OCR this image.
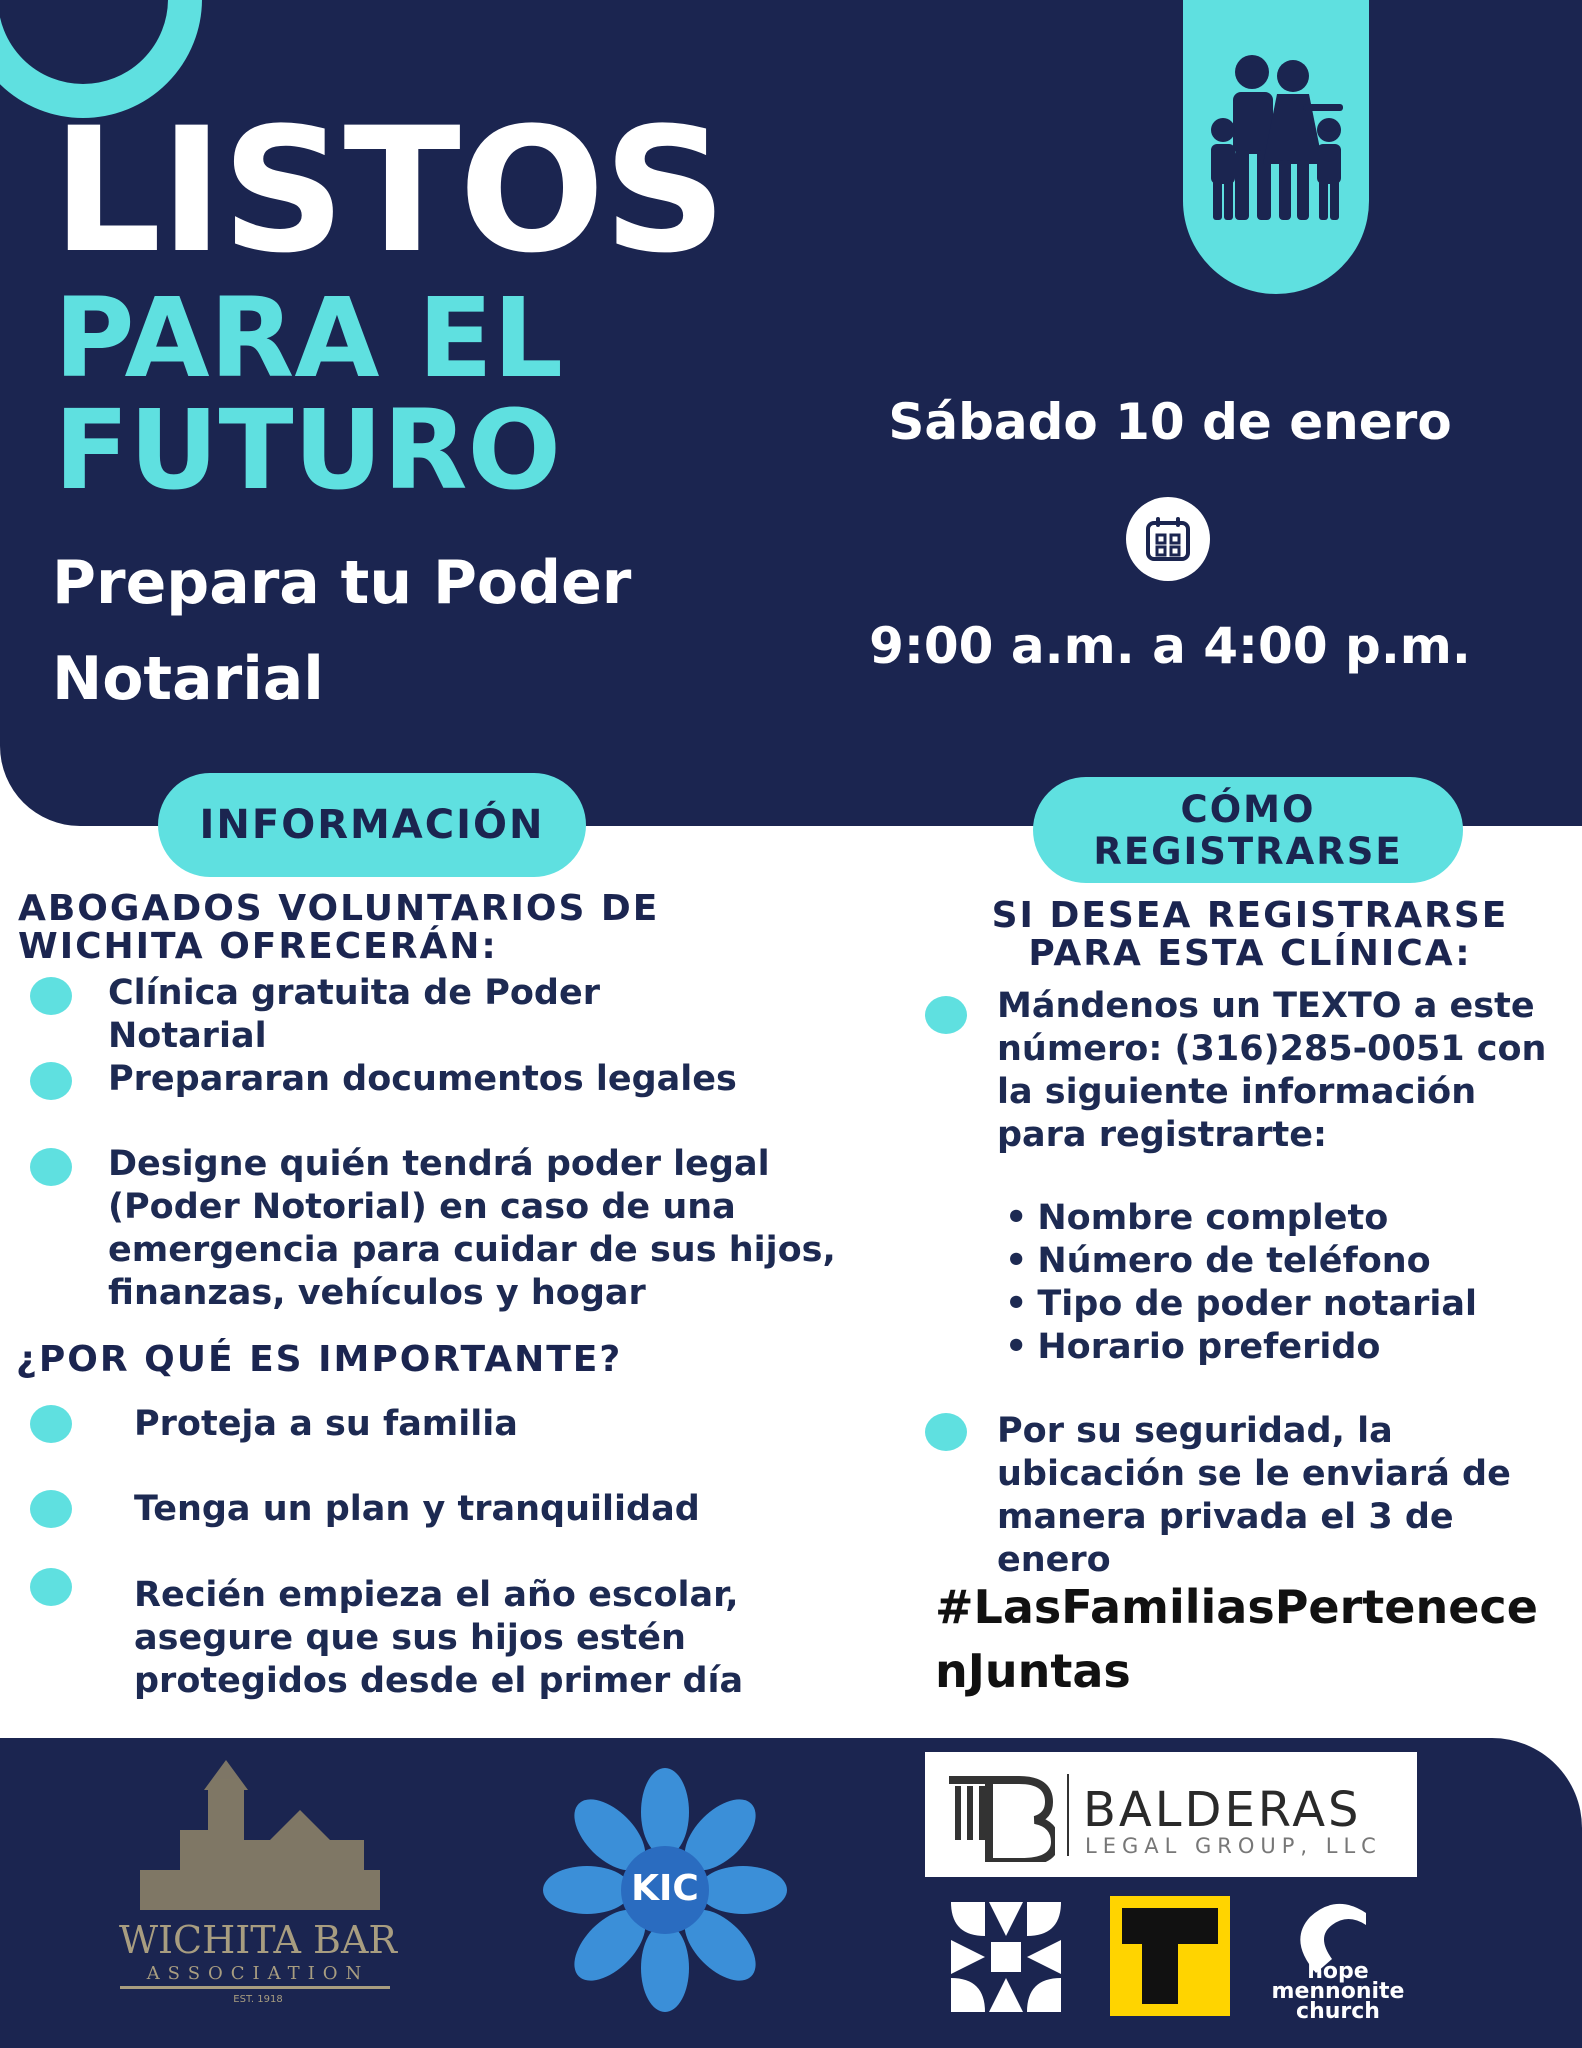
LISTOS
PARA EL
FUTURO
Prepara tu Poder Notarial
Sábado 10 de enero
9:00 a.m. a 4:00 p.m.
INFORMACIÓN	CÓMO
REGISTRARSE
ABOGADOS VOLUNTARIOS DE
WICHITA OFRECERÁN:
Clínica gratuita de Poder Notarial
Prepararan documentos legales
Designe quién tendrá poder legal (Poder Notorial) en caso de una emergencia para cuidar de sus hijos, finanzas, vehículos y hogar
¿POR QUÉ ES IMPORTANTE?
Proteja a su familia
Tenga un plan y tranquilidad
Recién empieza el año escolar, asegure que sus hijos estén protegidos desde el primer día
SI DESEA REGISTRARSE
PARA ESTA CLÍNICA:
Mándenos un TEXTO a este número: (316)285-0051 con la siguiente información para registrarte:
• Nombre completo
• Número de teléfono
• Tipo de poder notarial
• Horario preferido
Por su seguridad, la ubicación se le enviará de manera privada el 3 de enero
#LasFamiliasPertenecenJuntas
WICHITA BAR
ASSOCIATION
EST. 1918
KIC
BALDERAS
LEGAL GROUP, LLC
hope
mennonite
church
